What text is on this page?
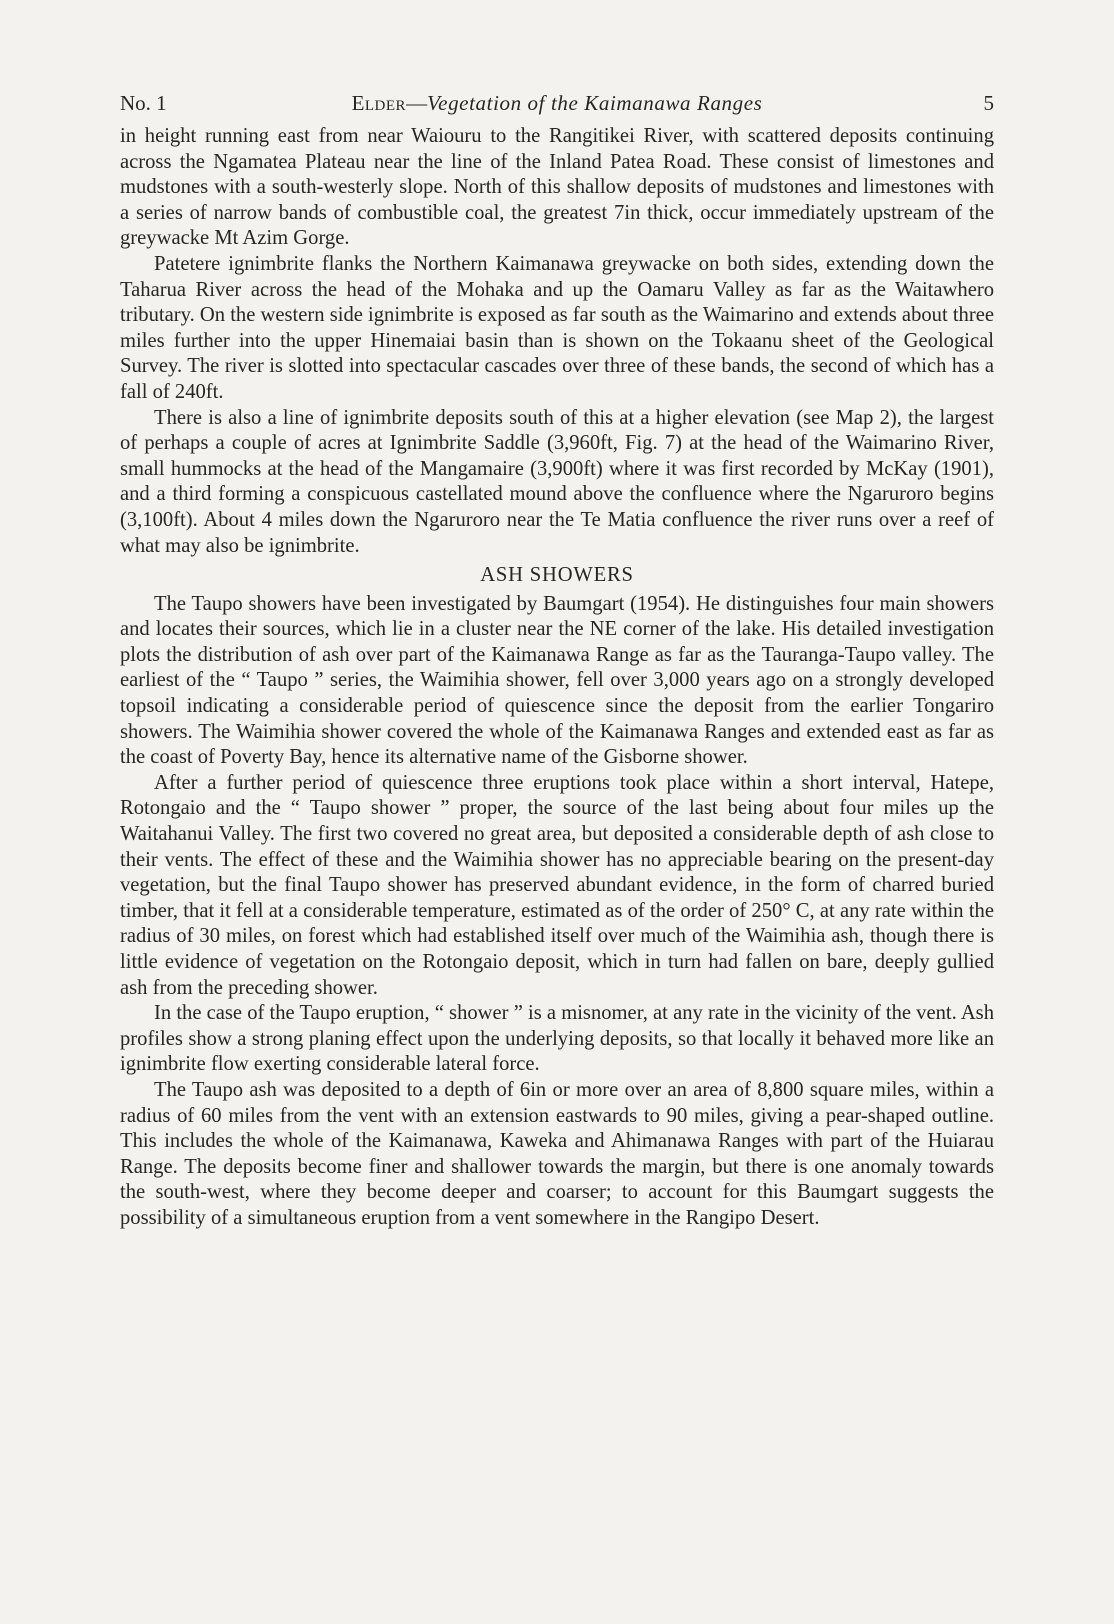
No. 1	Elder—Vegetation of the Kaimanawa Ranges	5

in height running east from near Waiouru to the Rangitikei River, with scattered deposits continuing across the Ngamatea Plateau near the line of the Inland Patea Road. These consist of limestones and mudstones with a south-westerly slope. North of this shallow deposits of mudstones and limestones with a series of narrow bands of combustible coal, the greatest 7in thick, occur immediately upstream of the greywacke Mt Azim Gorge.

Patetere ignimbrite flanks the Northern Kaimanawa greywacke on both sides, extending down the Taharua River across the head of the Mohaka and up the Oamaru Valley as far as the Waitawhero tributary. On the western side ignimbrite is exposed as far south as the Waimarino and extends about three miles further into the upper Hinemaiai basin than is shown on the Tokaanu sheet of the Geological Survey. The river is slotted into spectacular cascades over three of these bands, the second of which has a fall of 240ft.

There is also a line of ignimbrite deposits south of this at a higher elevation (see Map 2), the largest of perhaps a couple of acres at Ignimbrite Saddle (3,960ft, Fig. 7) at the head of the Waimarino River, small hummocks at the head of the Mangamaire (3,900ft) where it was first recorded by McKay (1901), and a third forming a conspicuous castellated mound above the confluence where the Ngaruroro begins (3,100ft). About 4 miles down the Ngaruroro near the Te Matia confluence the river runs over a reef of what may also be ignimbrite.

ASH SHOWERS

The Taupo showers have been investigated by Baumgart (1954). He distinguishes four main showers and locates their sources, which lie in a cluster near the NE corner of the lake. His detailed investigation plots the distribution of ash over part of the Kaimanawa Range as far as the Tauranga-Taupo valley. The earliest of the “ Taupo ” series, the Waimihia shower, fell over 3,000 years ago on a strongly developed topsoil indicating a considerable period of quiescence since the deposit from the earlier Tongariro showers. The Waimihia shower covered the whole of the Kaimanawa Ranges and extended east as far as the coast of Poverty Bay, hence its alternative name of the Gisborne shower.

After a further period of quiescence three eruptions took place within a short interval, Hatepe, Rotongaio and the “ Taupo shower ” proper, the source of the last being about four miles up the Waitahanui Valley. The first two covered no great area, but deposited a considerable depth of ash close to their vents. The effect of these and the Waimihia shower has no appreciable bearing on the present-day vegetation, but the final Taupo shower has preserved abundant evidence, in the form of charred buried timber, that it fell at a considerable temperature, estimated as of the order of 250° C, at any rate within the radius of 30 miles, on forest which had established itself over much of the Waimihia ash, though there is little evidence of vegetation on the Rotongaio deposit, which in turn had fallen on bare, deeply gullied ash from the preceding shower.

In the case of the Taupo eruption, “ shower ” is a misnomer, at any rate in the vicinity of the vent. Ash profiles show a strong planing effect upon the underlying deposits, so that locally it behaved more like an ignimbrite flow exerting considerable lateral force.

The Taupo ash was deposited to a depth of 6in or more over an area of 8,800 square miles, within a radius of 60 miles from the vent with an extension eastwards to 90 miles, giving a pear-shaped outline. This includes the whole of the Kaimanawa, Kaweka and Ahimanawa Ranges with part of the Huiarau Range. The deposits become finer and shallower towards the margin, but there is one anomaly towards the south-west, where they become deeper and coarser; to account for this Baumgart suggests the possibility of a simultaneous eruption from a vent somewhere in the Rangipo Desert.
